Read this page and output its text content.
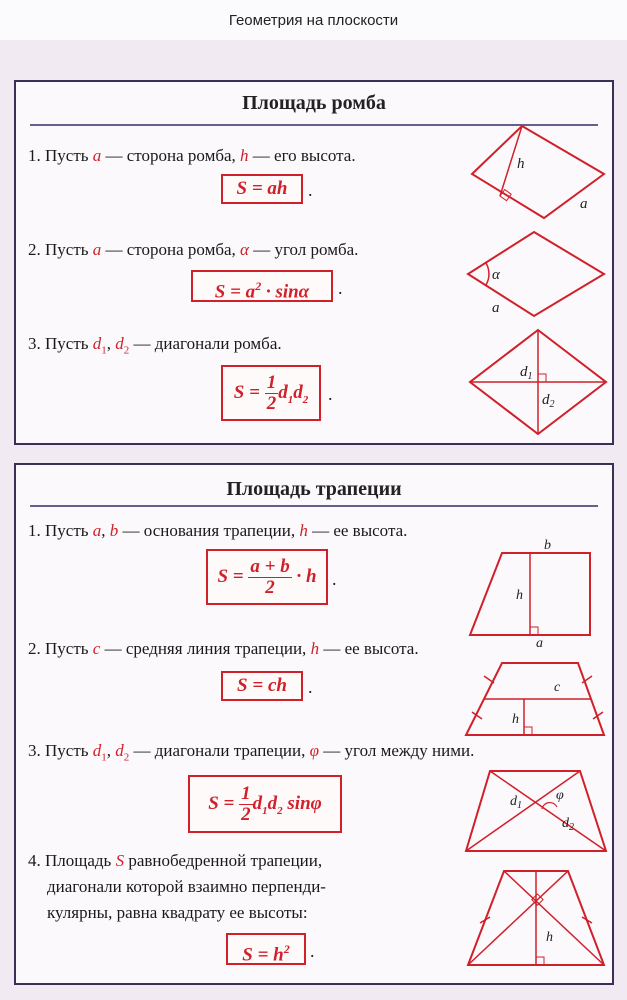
Геометрия на плоскости
Площадь ромба
1. Пусть a — сторона ромба, h — его высота.
S = ah	.
2. Пусть a — сторона ромба, α — угол ромба.
$S = a^2 \cdot \sin\alpha$	.
3. Пусть $d_1$, $d_2$ — диагонали ромба.
$S = \frac{1}{2} d_1d_2$	.
h
a
α
a
$d_1$
$d_2$
Площадь трапеции
1. Пусть a, b — основания трапеции, h — ее высота.
$S = \frac{a + b}{2} \cdot h$ .
2. Пусть c — средняя линия трапеции, h — ее высота.
S = ch	.
3. Пусть $d_1$, $d_2$ — диагонали трапеции, φ — угол между ними.
$S = \frac{1}{2} d_1d_2$ sinφ
4. Площадь S равнобедренной трапеции,
диагонали которой взаимно перпенди-
кулярны, равна квадрату ее высоты:
$S = h^2$	.
b
h
a
c
h
φ
$d_1$
$d_2$
h
